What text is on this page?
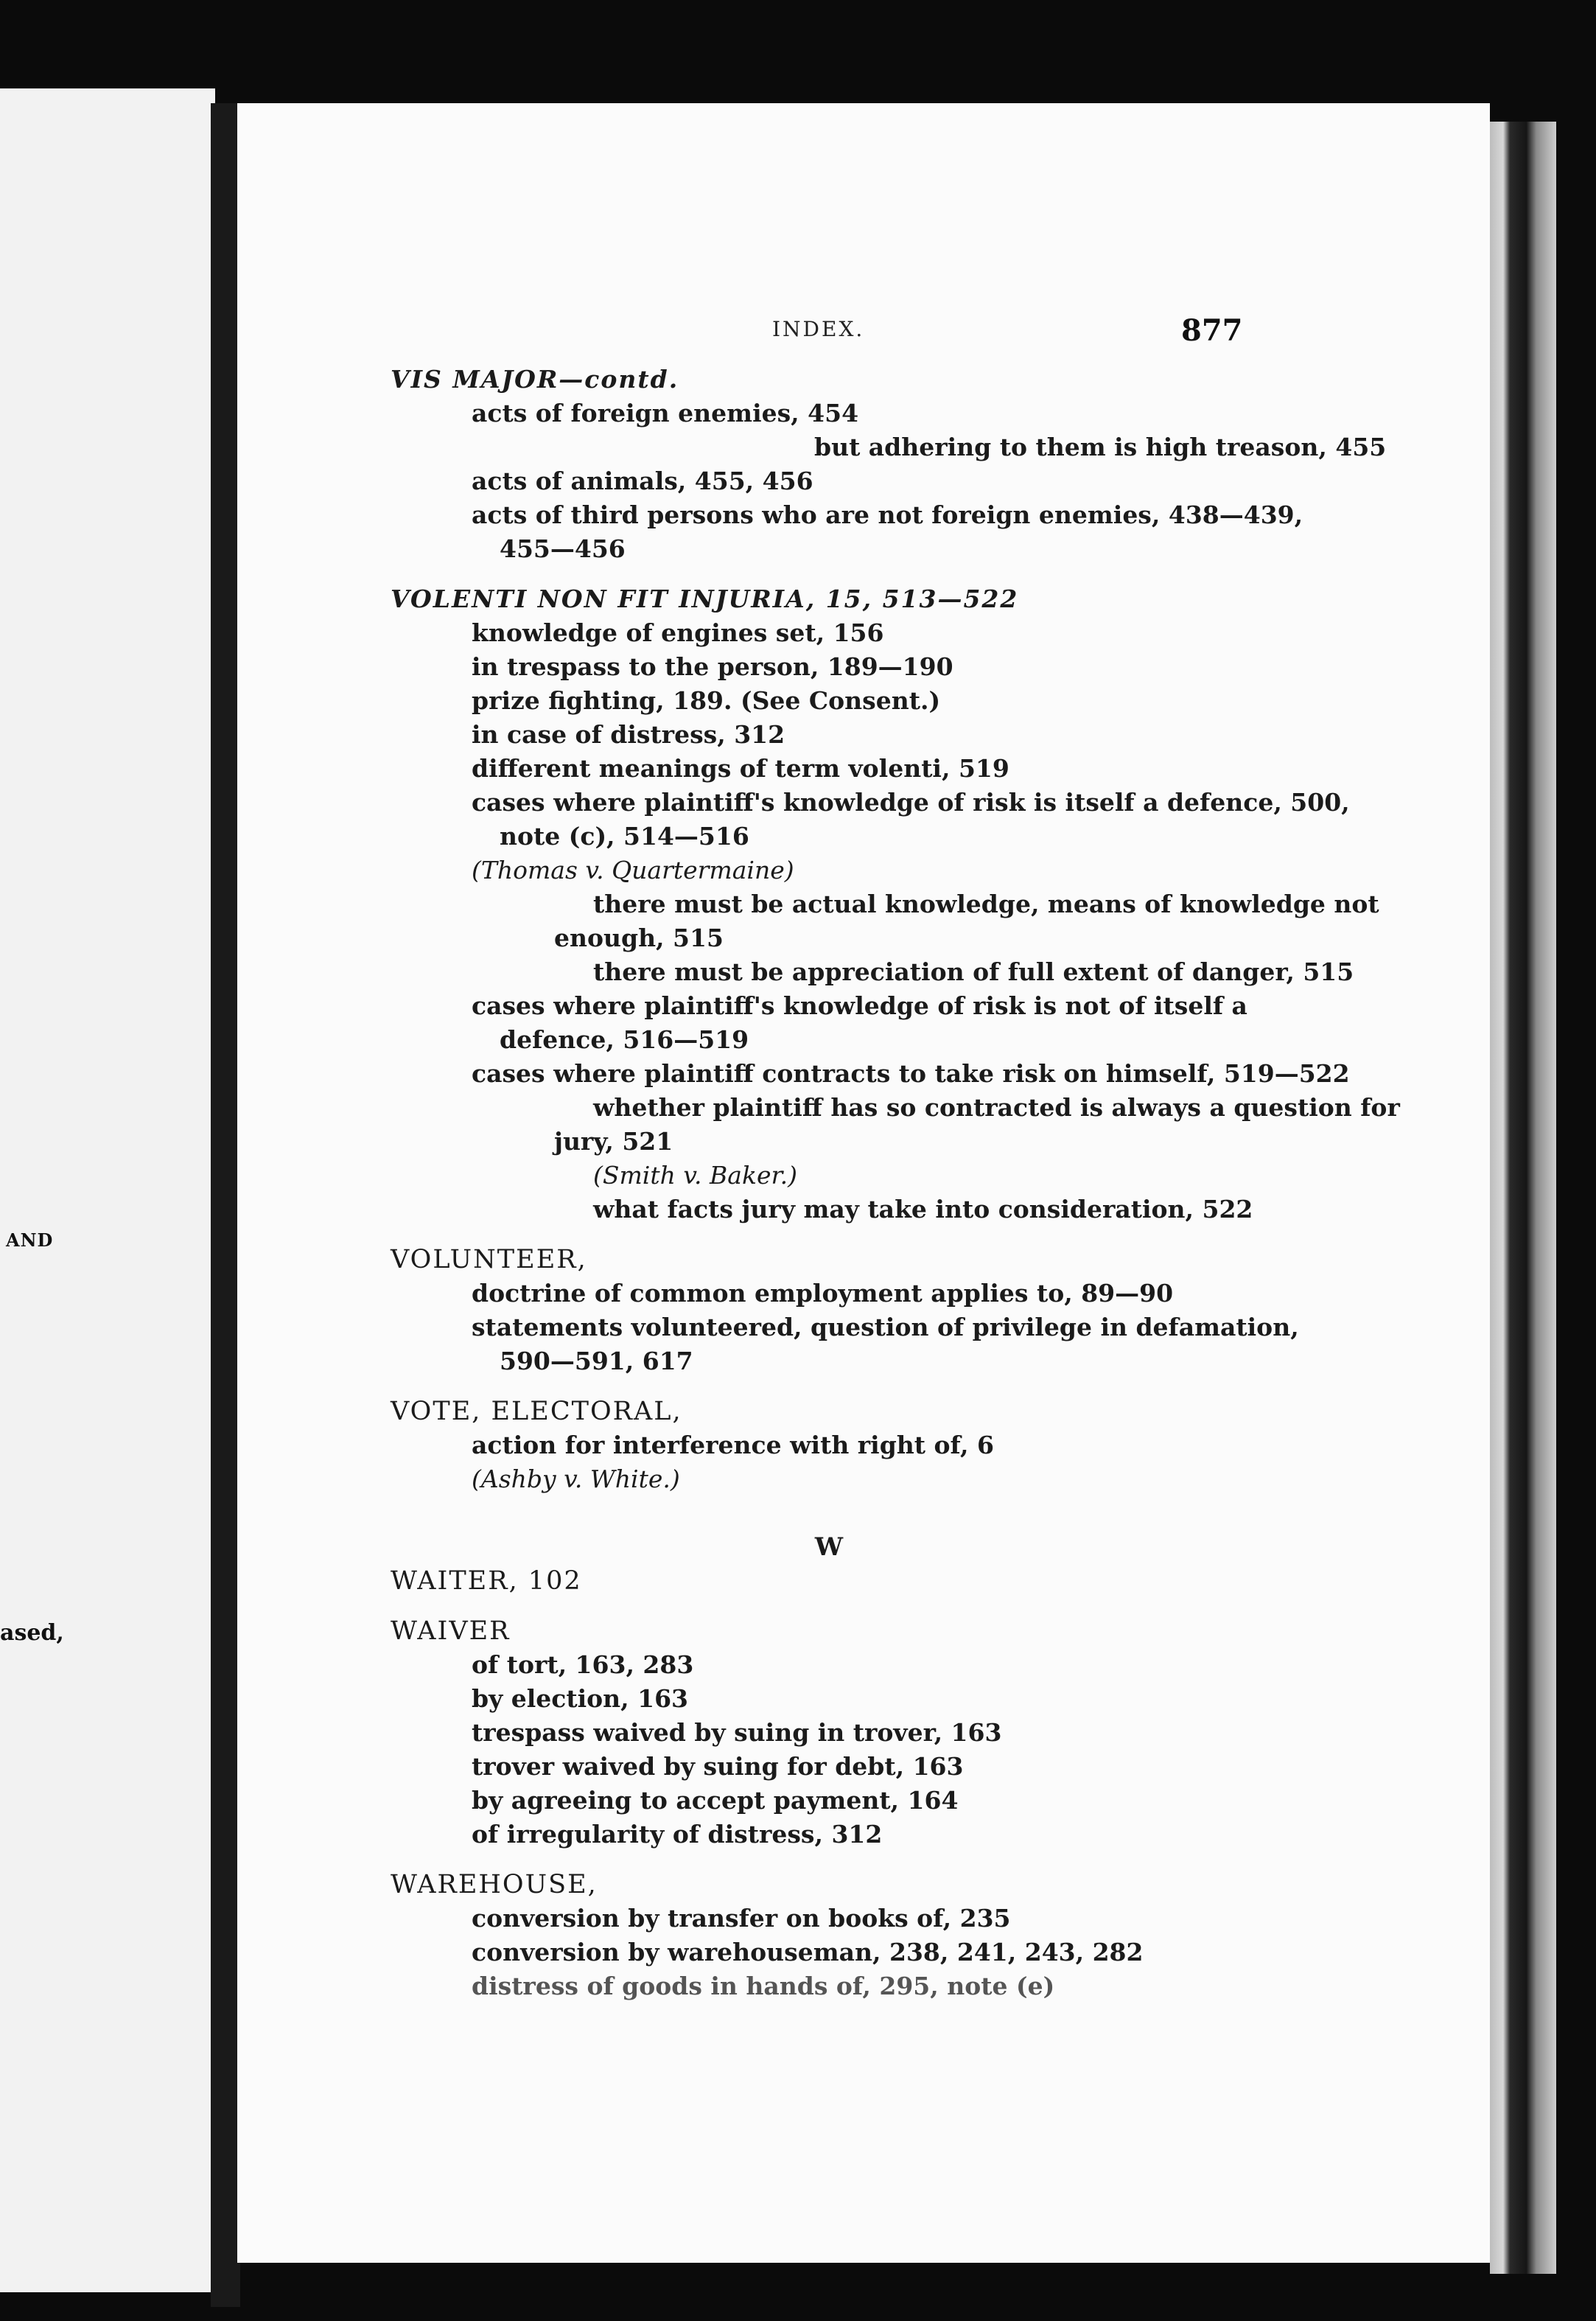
AND
ased,
INDEX.	877
VIS MAJOR—contd.
acts of foreign enemies, 454
but adhering to them is high treason, 455
acts of animals, 455, 456
acts of third persons who are not foreign enemies, 438—439,
455—456
VOLENTI NON FIT INJURIA, 15, 513—522
knowledge of engines set, 156
in trespass to the person, 189—190
prize fighting, 189. (See Consent.)
in case of distress, 312
different meanings of term volenti, 519
cases where plaintiff's knowledge of risk is itself a defence, 500,
note (c), 514—516
(Thomas v. Quartermaine)
there must be actual knowledge, means of knowledge not
enough, 515
there must be appreciation of full extent of danger, 515
cases where plaintiff's knowledge of risk is not of itself a
defence, 516—519
cases where plaintiff contracts to take risk on himself, 519—522
whether plaintiff has so contracted is always a question for
jury, 521
(Smith v. Baker.)
what facts jury may take into consideration, 522
VOLUNTEER,
doctrine of common employment applies to, 89—90
statements volunteered, question of privilege in defamation,
590—591, 617
VOTE, ELECTORAL,
action for interference with right of, 6
(Ashby v. White.)
W
WAITER, 102
WAIVER
of tort, 163, 283
by election, 163
trespass waived by suing in trover, 163
trover waived by suing for debt, 163
by agreeing to accept payment, 164
of irregularity of distress, 312
WAREHOUSE,
conversion by transfer on books of, 235
conversion by warehouseman, 238, 241, 243, 282
distress of goods in hands of, 295, note (e)
